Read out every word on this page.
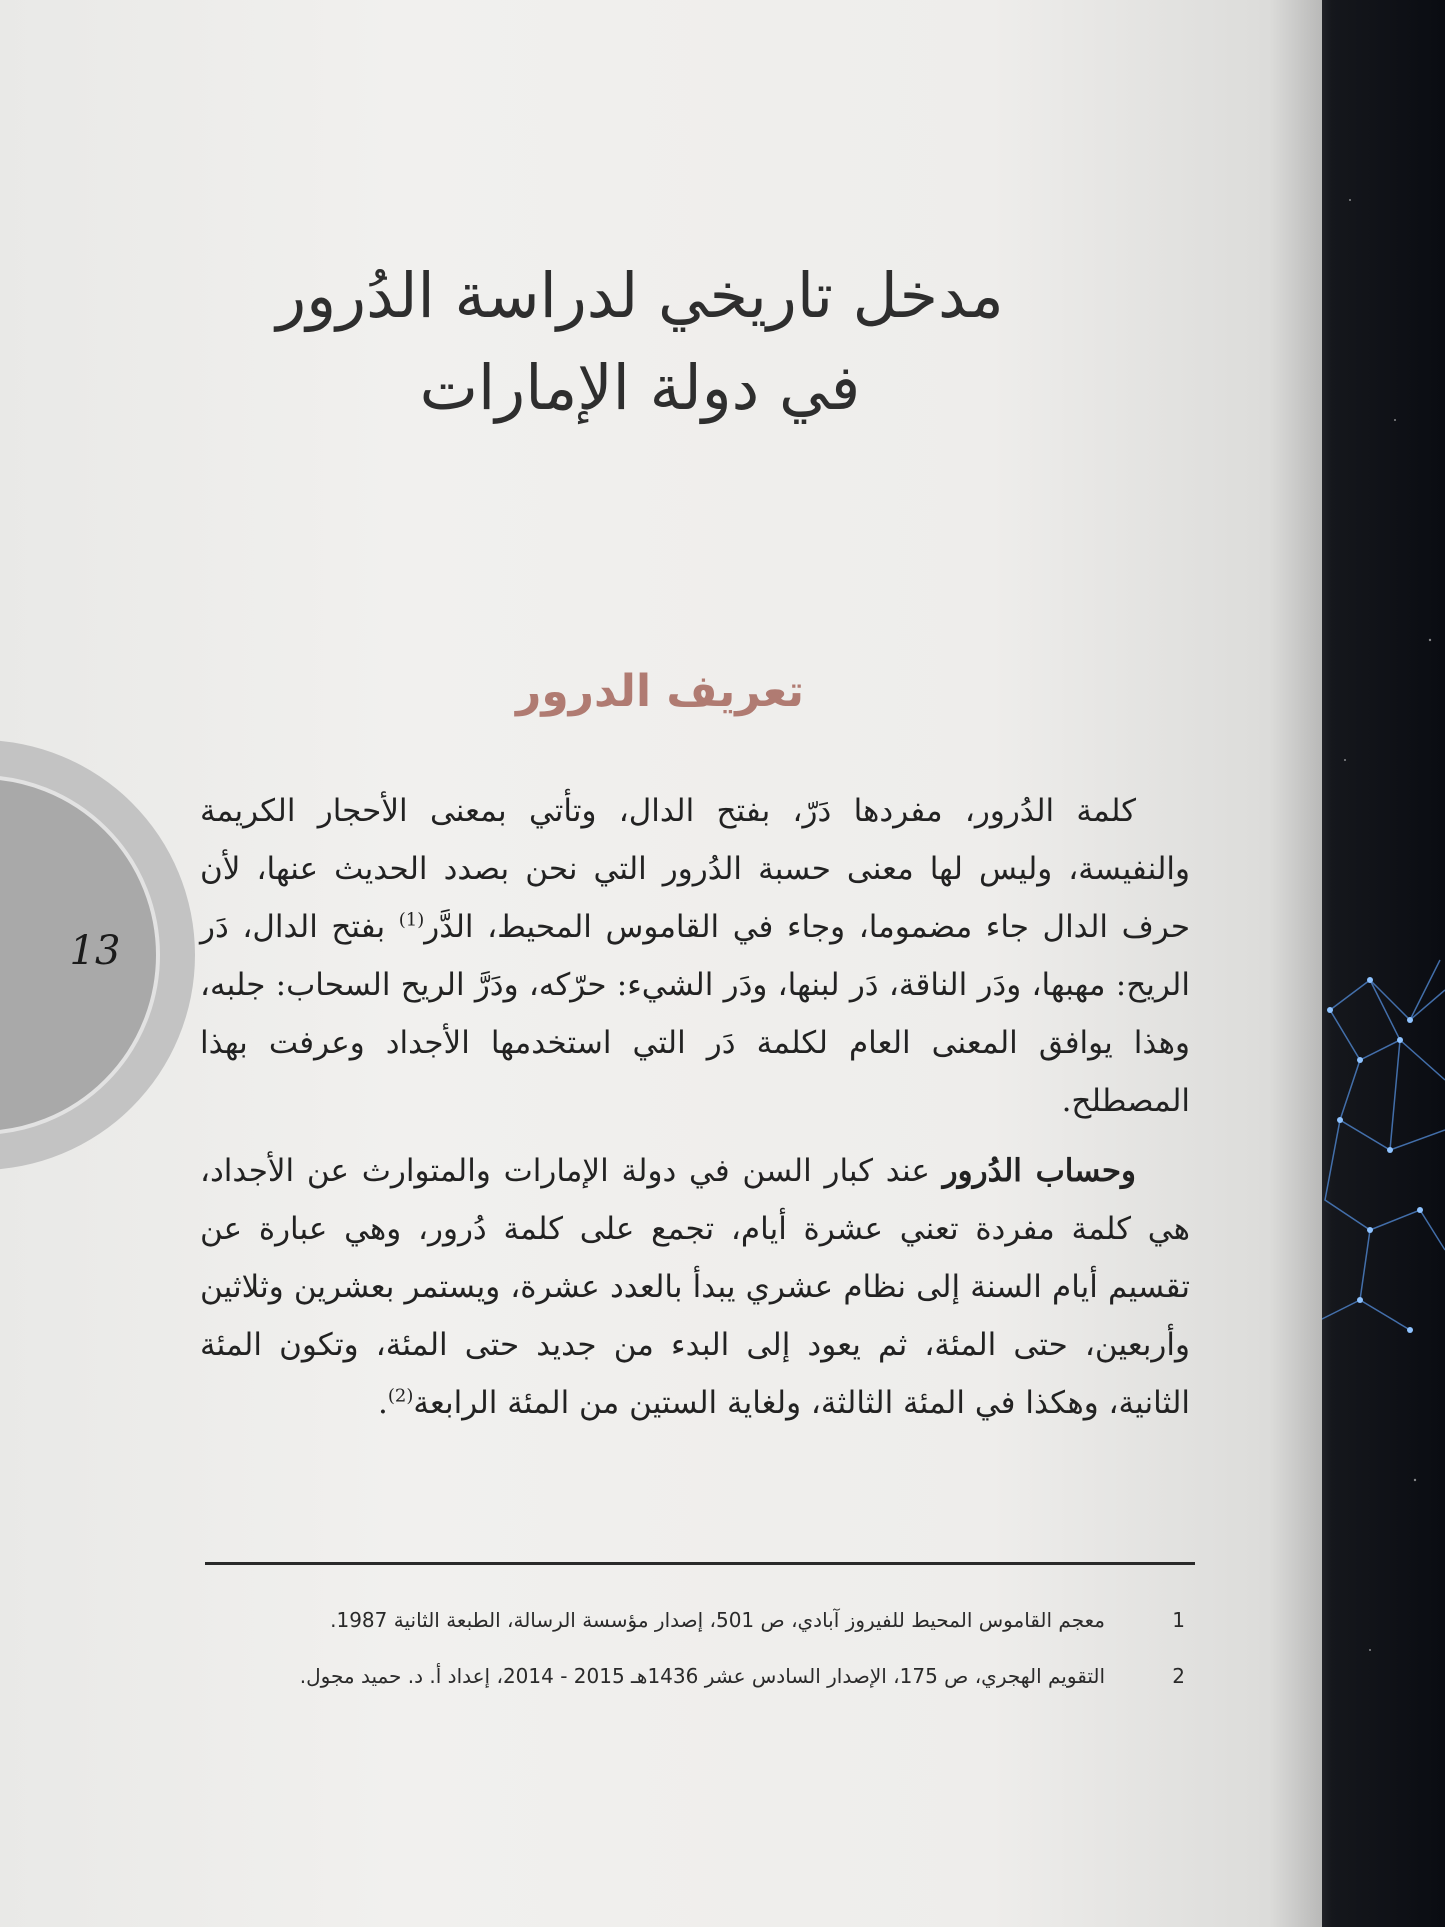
13
مدخل تاريخي لدراسة الدُرور
في دولة الإمارات
تعريف الدرور

كلمة الدُرور، مفردها دَرّ، بفتح الدال، وتأتي بمعنى الأحجار الكريمة والنفيسة، وليس لها معنى حسبة الدُرور التي نحن بصدد الحديث عنها، لأن حرف الدال جاء مضموما، وجاء في القاموس المحيط، الدَّر$^{(1)}$ بفتح الدال، دَر الريح: مهبها، ودَر الناقة، دَر لبنها، ودَر الشيء: حرّكه، ودَرَّ الريح السحاب: جلبه، وهذا يوافق المعنى العام لكلمة دَر التي استخدمها الأجداد وعرفت بهذا المصطلح.

وحساب الدُرور عند كبار السن في دولة الإمارات والمتوارث عن الأجداد، هي كلمة مفردة تعني عشرة أيام، تجمع على كلمة دُرور، وهي عبارة عن تقسيم أيام السنة إلى نظام عشري يبدأ بالعدد عشرة، ويستمر بعشرين وثلاثين وأربعين، حتى المئة، ثم يعود إلى البدء من جديد حتى المئة، وتكون المئة الثانية، وهكذا في المئة الثالثة، ولغاية الستين من المئة الرابعة$^{(2)}$.

1
معجم القاموس المحيط للفيروز آبادي، ص 501، إصدار مؤسسة الرسالة، الطبعة الثانية 1987.
2
التقويم الهجري، ص 175، الإصدار السادس عشر 1436هـ 2015 - 2014، إعداد أ. د. حميد مجول.
